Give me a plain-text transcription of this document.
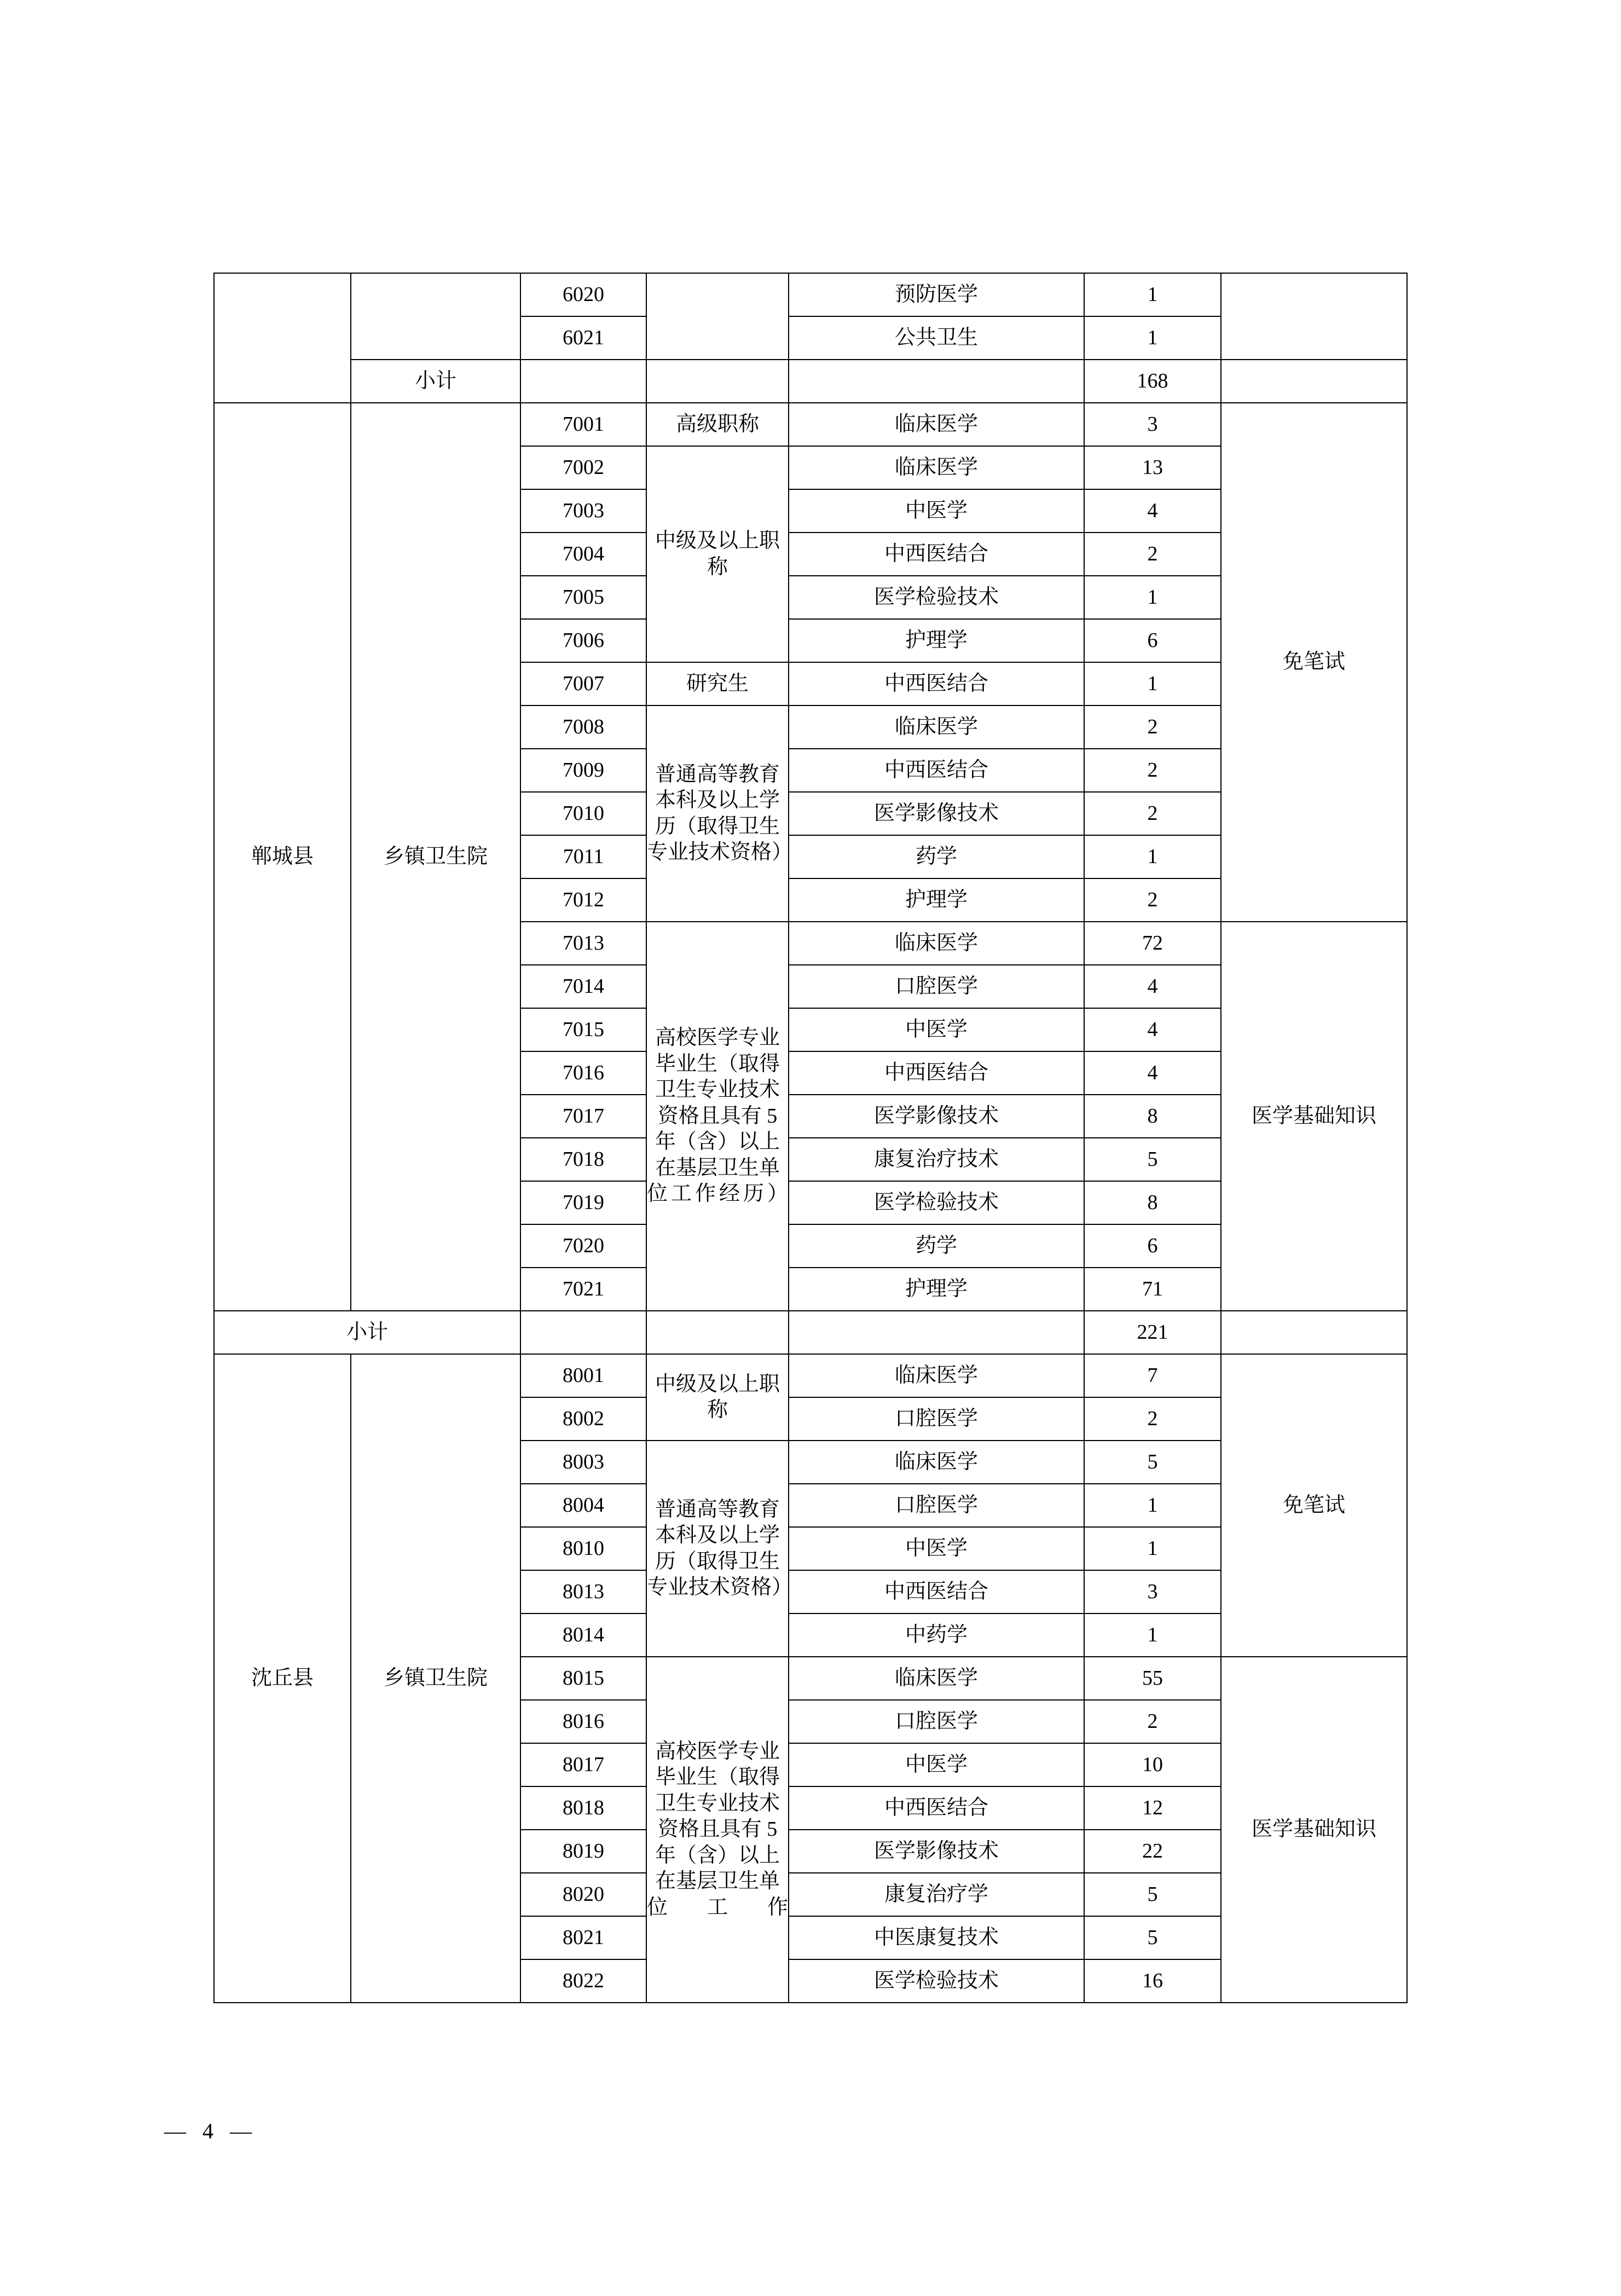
		6020		预防医学	1	
		6021		公共卫生	1	
	小计				168	
郸城县	乡镇卫生院	7001	高级职称	临床医学	3	免笔试
		7002	中级及以上职称	临床医学	13	
		7003		中医学	4	
		7004		中西医结合	2	
		7005		医学检验技术	1	
		7006		护理学	6	
		7007	研究生	中西医结合	1	
		7008	普通高等教育本科及以上学历（取得卫生专业技术资格）	临床医学	2	
		7009		中西医结合	2	
		7010		医学影像技术	2	
		7011		药学	1	
		7012		护理学	2	
		7013	高校医学专业毕业生（取得卫生专业技术资格且具有 5 年（含）以上在基层卫生单位工作经历）	临床医学	72	医学基础知识
		7014		口腔医学	4	
		7015		中医学	4	
		7016		中西医结合	4	
		7017		医学影像技术	8	
		7018		康复治疗技术	5	
		7019		医学检验技术	8	
		7020		药学	6	
		7021		护理学	71	
小计					221	
沈丘县	乡镇卫生院	8001	中级及以上职称	临床医学	7	免笔试
		8002		口腔医学	2	
		8003	普通高等教育本科及以上学历（取得卫生专业技术资格）	临床医学	5	
		8004		口腔医学	1	
		8010		中医学	1	
		8013		中西医结合	3	
		8014		中药学	1	
		8015	高校医学专业毕业生（取得卫生专业技术资格且具有 5 年（含）以上在基层卫生单位工作	临床医学	55	医学基础知识
		8016		口腔医学	2	
		8017		中医学	10	
		8018		中西医结合	12	
		8019		医学影像技术	22	
		8020		康复治疗学	5	
		8021		中医康复技术	5	
		8022		医学检验技术	16	
— 4 —
